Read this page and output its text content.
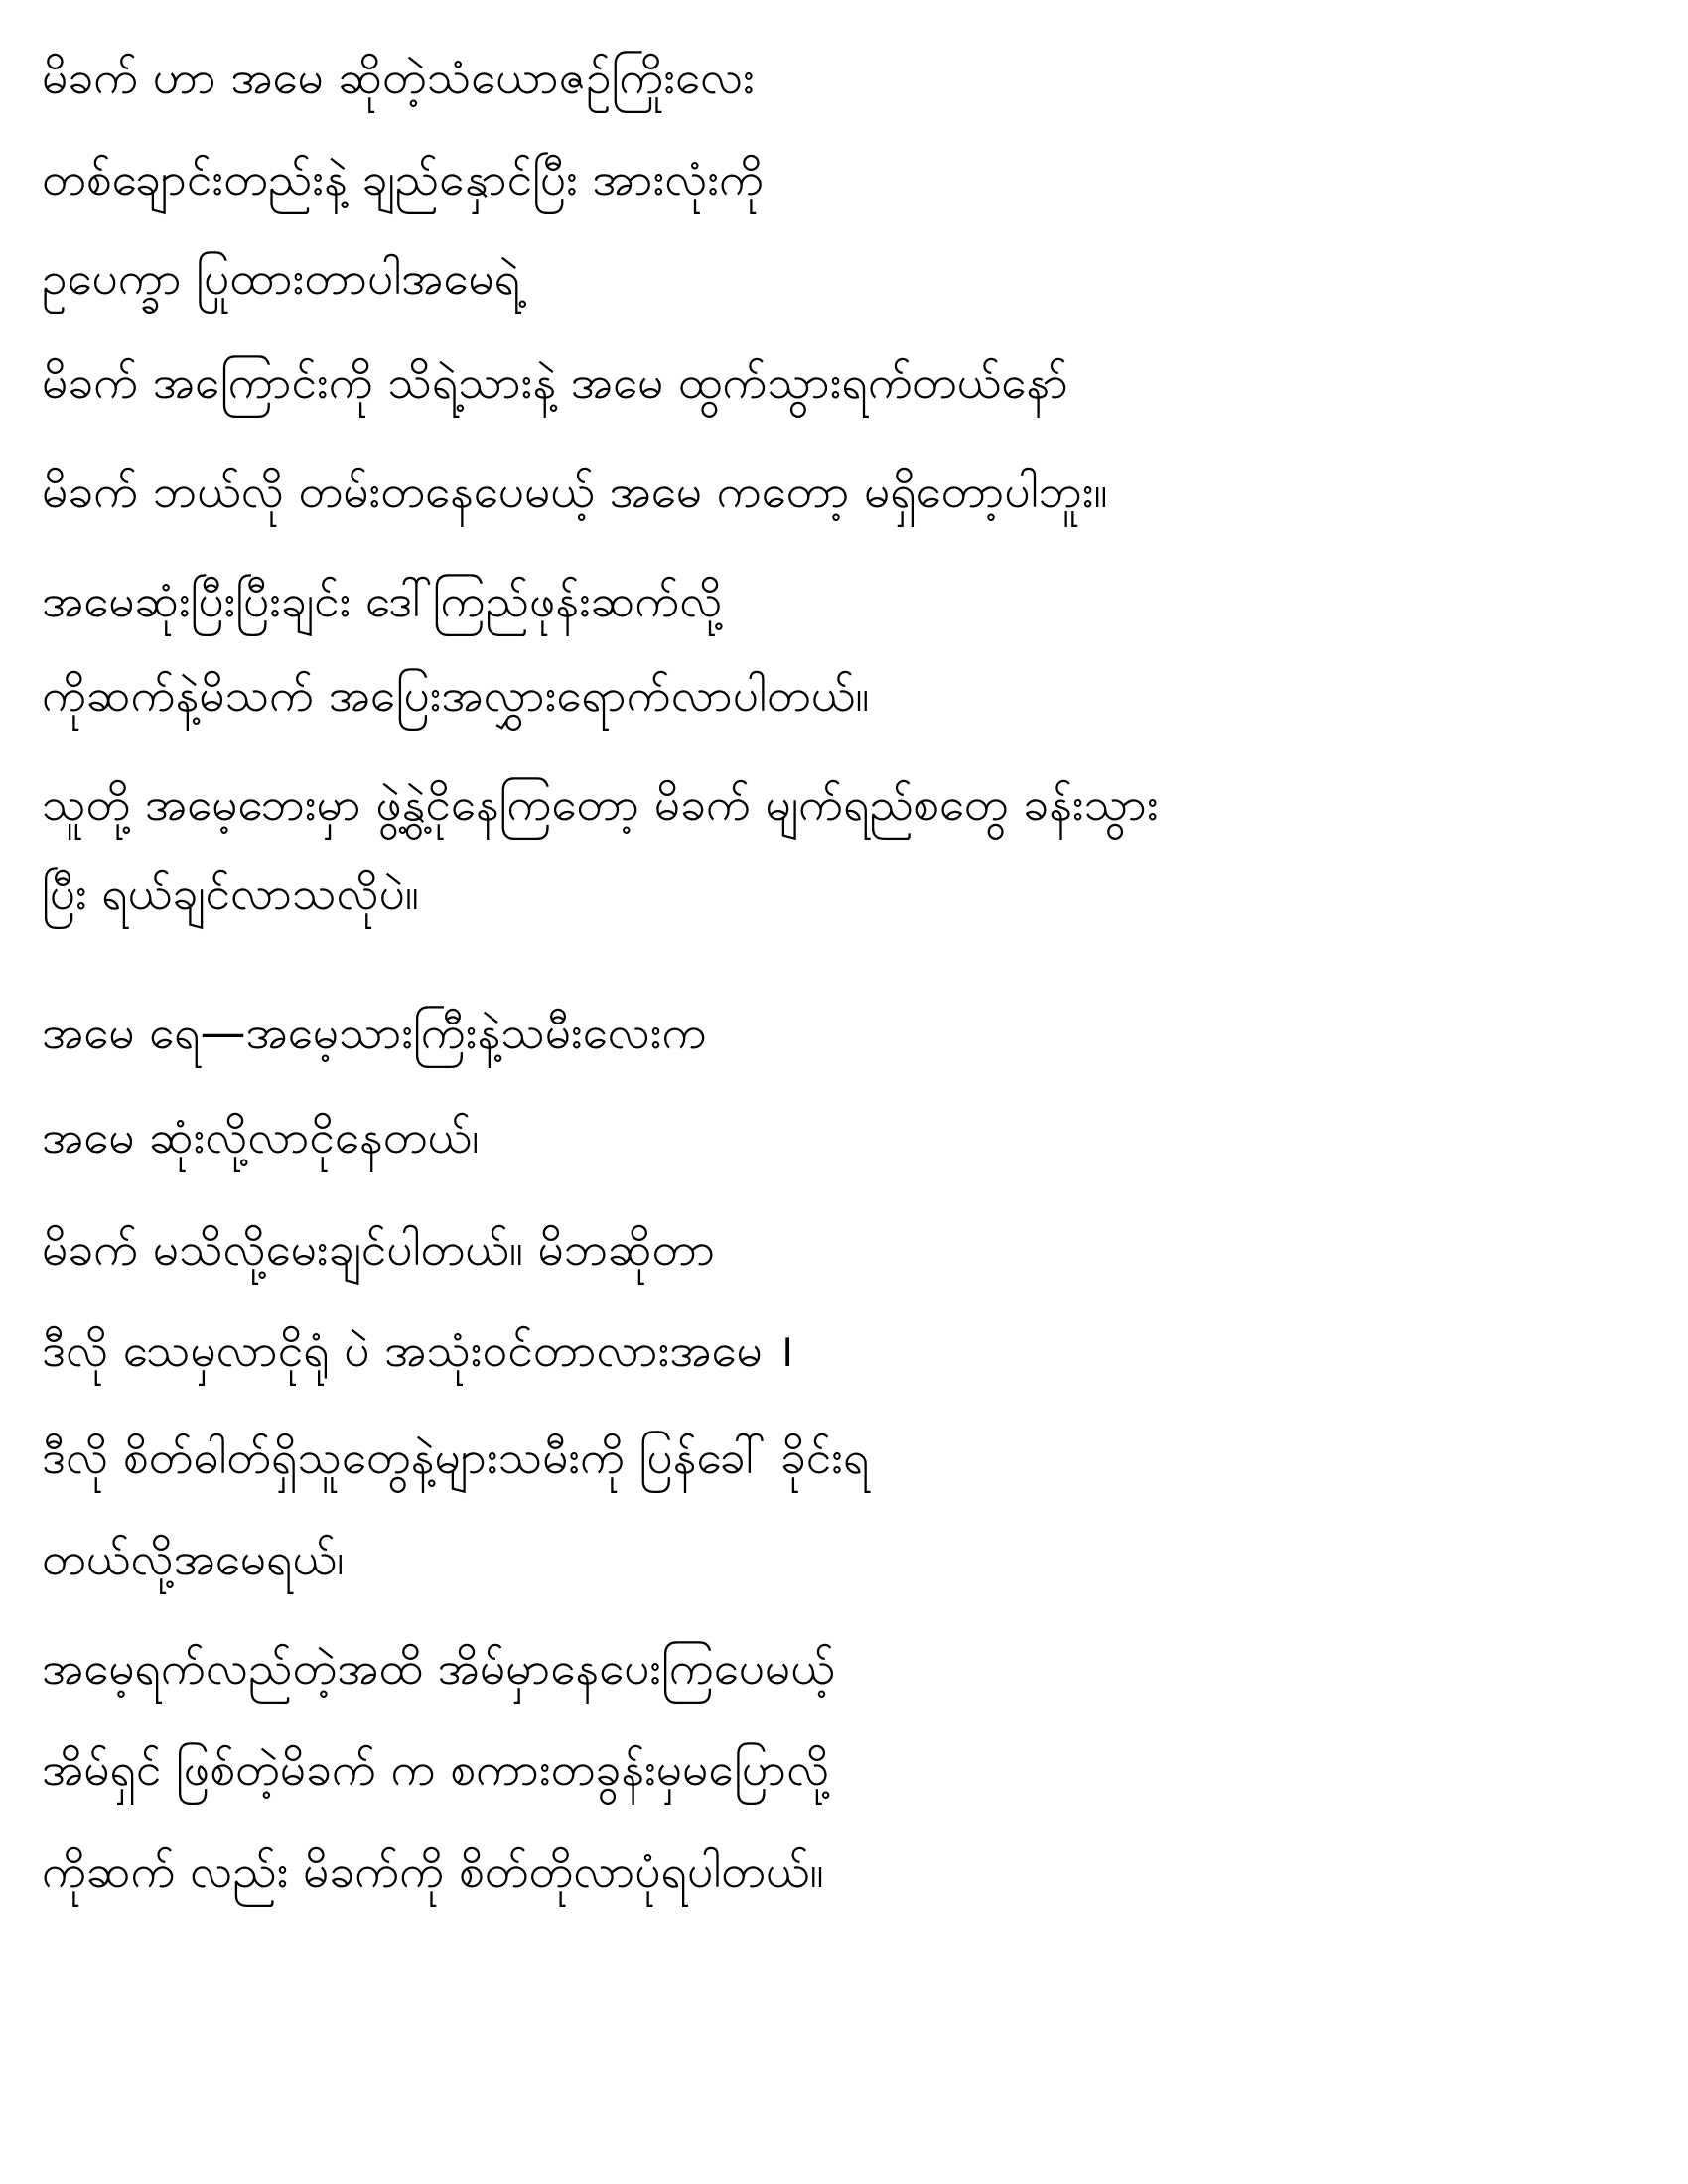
မိခက် ဟာ အမေ ဆိုတဲ့သံယောဇဉ်ကြိုးလေး

တစ်ချောင်းတည်းနဲ့ ချည်နှောင်ပြီး အားလုံးကို

ဥပေက္ခာ ပြုထားတာပါအမေရဲ့

မိခက် အကြောင်းကို သိရဲ့သားနဲ့ အမေ ထွက်သွားရက်တယ်နော်

မိခက် ဘယ်လို တမ်းတနေပေမယ့် အမေ ကတော့ မရှိတော့ပါဘူး။

အမေဆုံးပြီးပြီးချင်း ဒေါ်ကြည်ဖုန်းဆက်လို့

ကိုဆက်နဲ့မိသက် အပြေးအလွှားရောက်လာပါတယ်။

သူတို့ အမေ့ဘေးမှာ ဖွဲ့နွဲ့ငိုနေကြတော့ မိခက် မျက်ရည်စတွေ ခန်းသွား

ပြီး ရယ်ချင်လာသလိုပဲ။

အမေ ရေ—အမေ့သားကြီးနဲ့သမီးလေးက

အမေ ဆုံးလို့လာငိုနေတယ်၊

မိခက် မသိလို့မေးချင်ပါတယ်။ မိဘဆိုတာ

ဒီလို သေမှလာငိုရုံ ပဲ အသုံးဝင်တာလားအမေ ।

ဒီလို စိတ်ဓါတ်ရှိသူတွေနဲ့များသမီးကို ပြန်ခေါ် ခိုင်းရ

တယ်လို့အမေရယ်၊

အမေ့ရက်လည်တဲ့အထိ အိမ်မှာနေပေးကြပေမယ့်

အိမ်ရှင် ဖြစ်တဲ့မိခက် က စကားတခွန်းမှမပြောလို့

ကိုဆက် လည်း မိခက်ကို စိတ်တိုလာပုံရပါတယ်။
